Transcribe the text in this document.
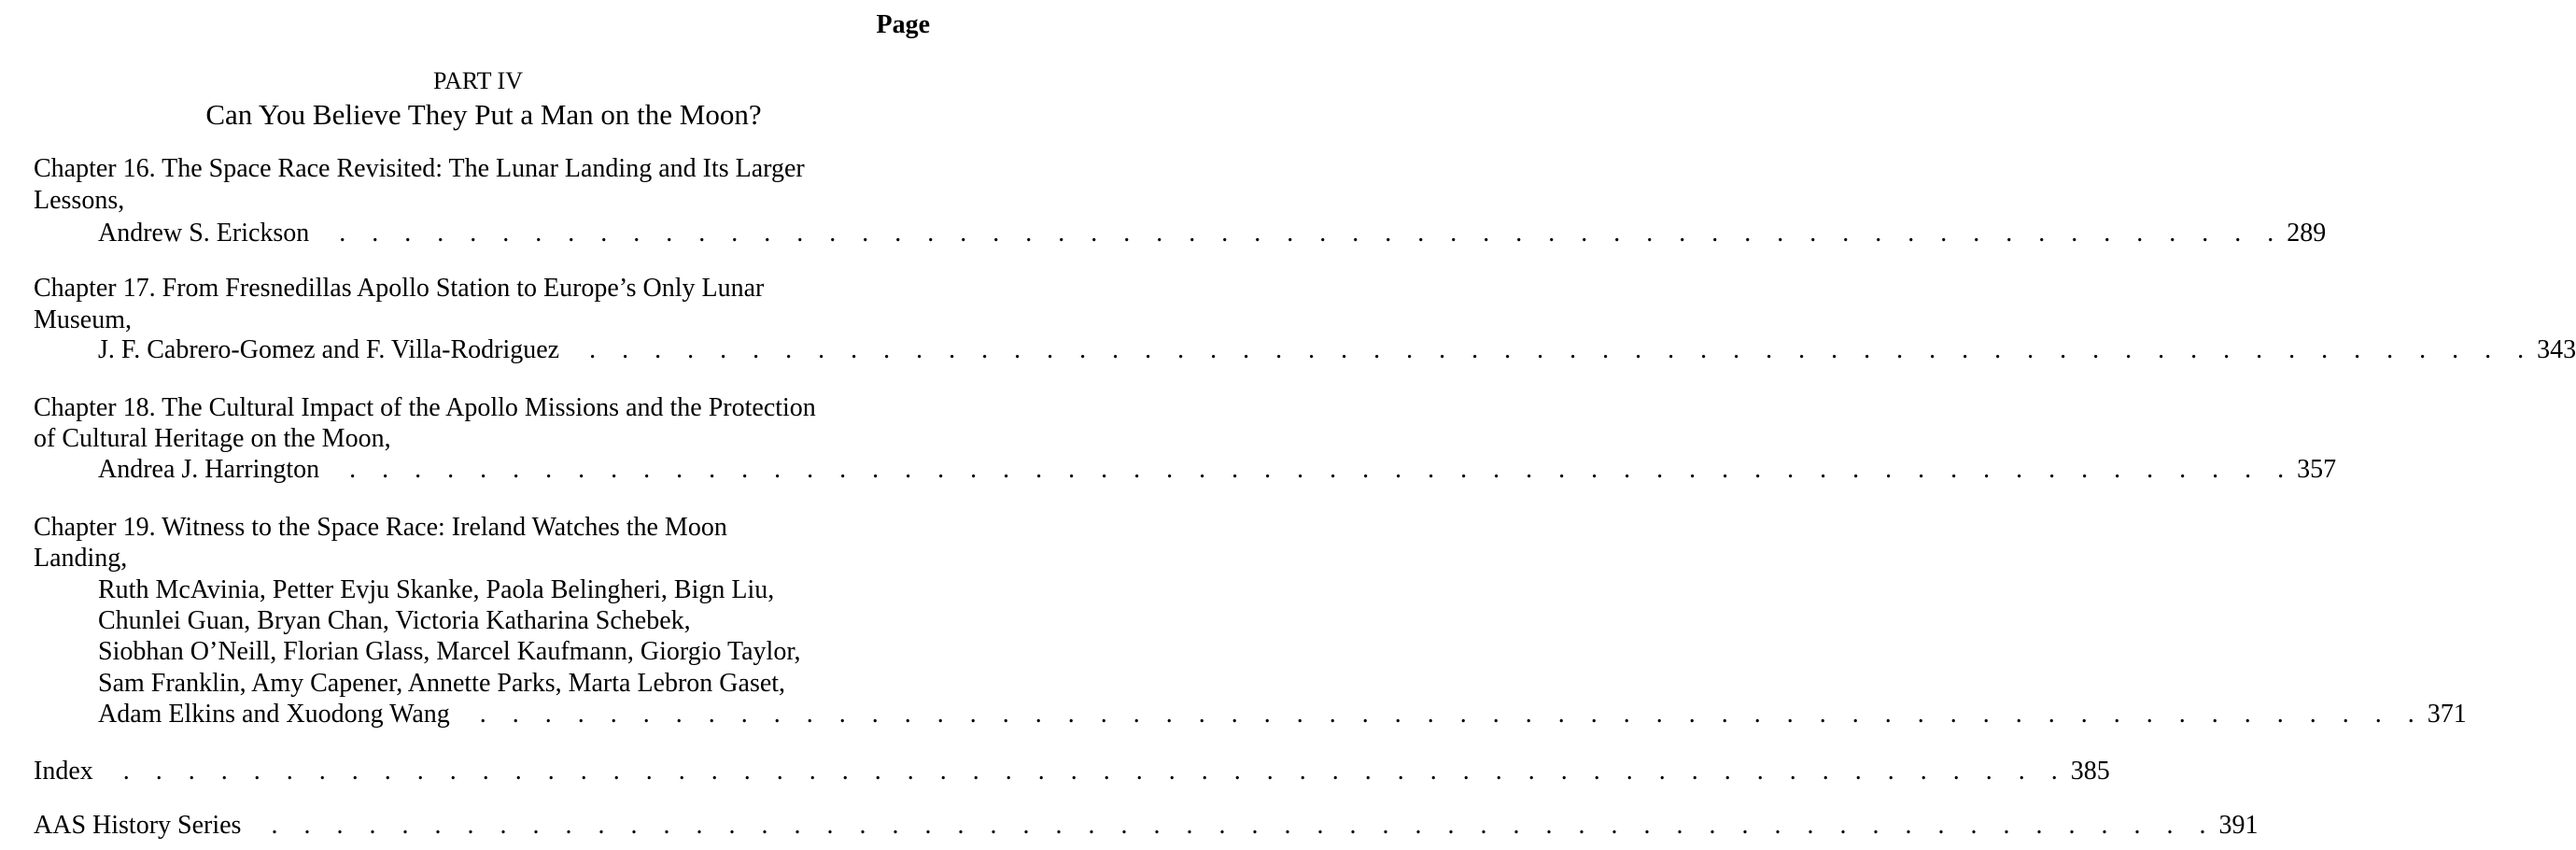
Page
PART IV
Can You Believe They Put a Man on the Moon?
Chapter 16. The Space Race Revisited: The Lunar Landing and Its Larger
Lessons,
Andrew S. Erickson . . . . . . . . . . . . . . . . . . . . . . . . . . . . . . . . . . . . . . . . . . . . . . . . . . . . . . . . . . . .  289
Chapter 17. From Fresnedillas Apollo Station to Europe’s Only Lunar
Museum,
J. F. Cabrero-Gomez and F. Villa-Rodriguez . . . . . . . . . . . . . . . . . . . . . . . . . . . . . . . . . . . . . . . . . . . . . . . . . . . . . . . . . . . .  343
Chapter 18. The Cultural Impact of the Apollo Missions and the Protection
of Cultural Heritage on the Moon,
Andrea J. Harrington . . . . . . . . . . . . . . . . . . . . . . . . . . . . . . . . . . . . . . . . . . . . . . . . . . . . . . . . . . . .  357
Chapter 19. Witness to the Space Race: Ireland Watches the Moon
Landing,
Ruth McAvinia, Petter Evju Skanke, Paola Belingheri, Bign Liu,
Chunlei Guan, Bryan Chan, Victoria Katharina Schebek,
Siobhan O’Neill, Florian Glass, Marcel Kaufmann, Giorgio Taylor,
Sam Franklin, Amy Capener, Annette Parks, Marta Lebron Gaset,
Adam Elkins and Xuodong Wang . . . . . . . . . . . . . . . . . . . . . . . . . . . . . . . . . . . . . . . . . . . . . . . . . . . . . . . . . . . .  371
Index . . . . . . . . . . . . . . . . . . . . . . . . . . . . . . . . . . . . . . . . . . . . . . . . . . . . . . . . . . . .  385
AAS History Series . . . . . . . . . . . . . . . . . . . . . . . . . . . . . . . . . . . . . . . . . . . . . . . . . . . . . . . . . . . .  391
